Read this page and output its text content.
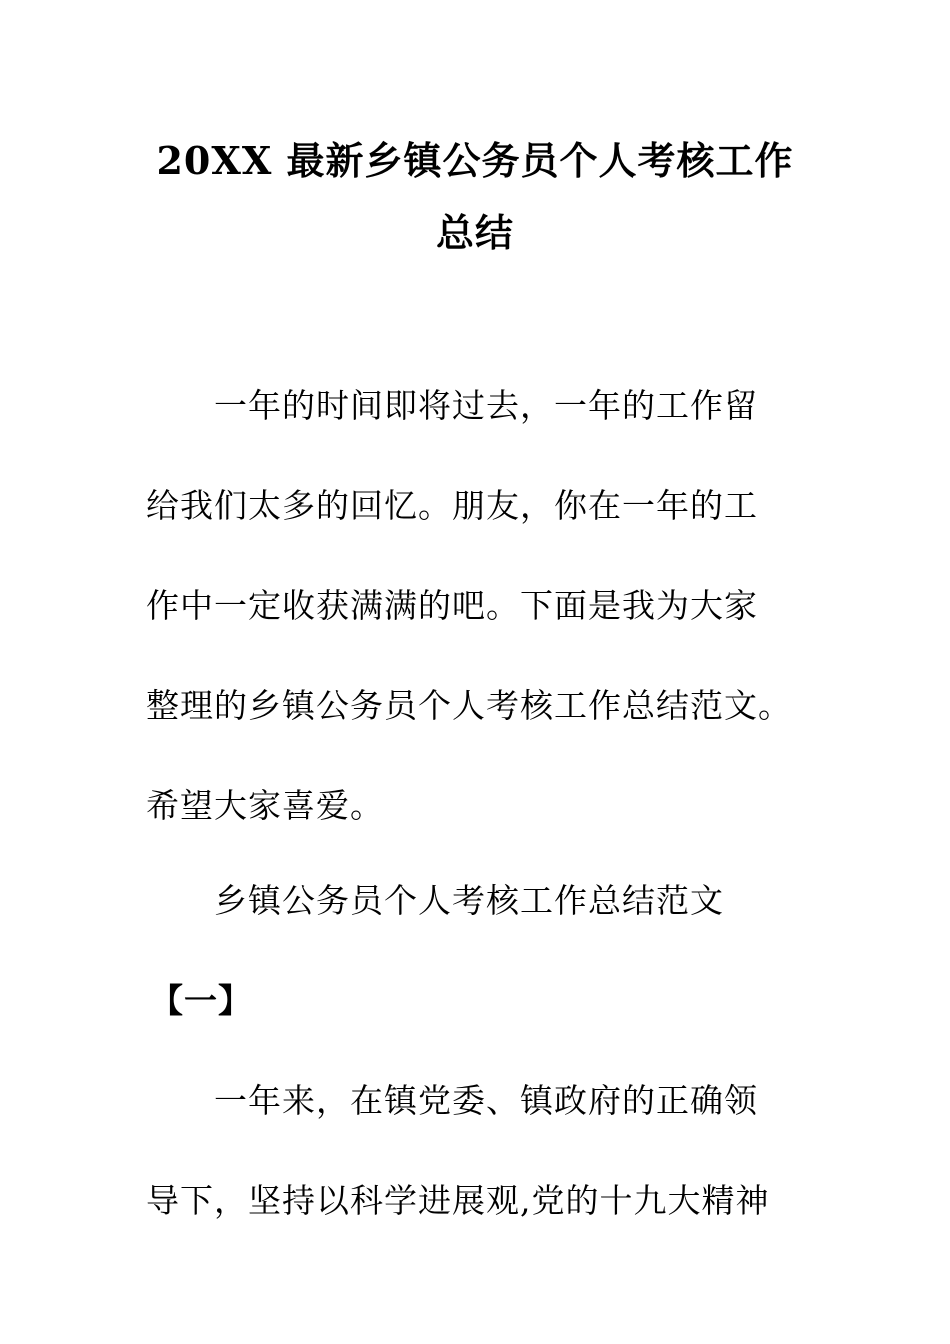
20XX 最新乡镇公务员个人考核工作
总结
一年的时间即将过去，一年的工作留
给我们太多的回忆。朋友，你在一年的工
作中一定收获满满的吧。下面是我为大家
整理的乡镇公务员个人考核工作总结范文。
希望大家喜爱。
乡镇公务员个人考核工作总结范文
【一】
一年来，在镇党委、镇政府的正确领
导下，坚持以科学进展观,党的十九大精神
